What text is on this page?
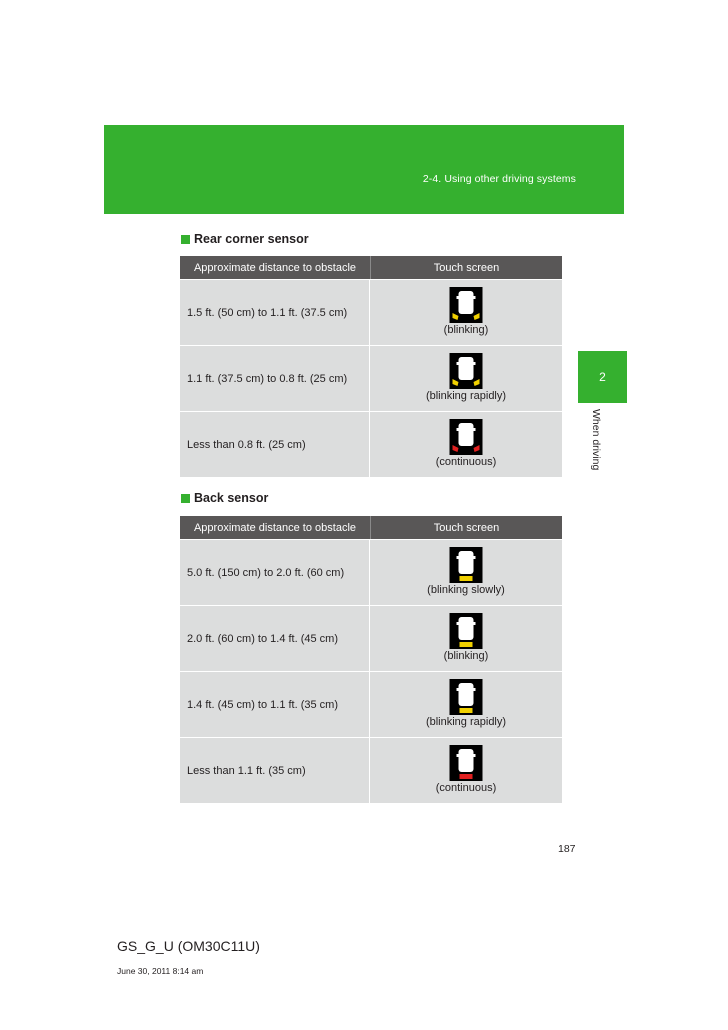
2-4. Using other driving systems
2
When driving
Rear corner sensor
Approximate distance to obstacle	Touch screen
1.5 ft. (50 cm) to 1.1 ft. (37.5 cm)
(blinking)
1.1 ft. (37.5 cm) to 0.8 ft. (25 cm)
(blinking rapidly)
Less than 0.8 ft. (25 cm)
(continuous)
Back sensor
Approximate distance to obstacle	Touch screen
5.0 ft. (150 cm) to 2.0 ft. (60 cm)
(blinking slowly)
2.0 ft. (60 cm) to 1.4 ft. (45 cm)
(blinking)
1.4 ft. (45 cm) to 1.1 ft. (35 cm)
(blinking rapidly)
Less than 1.1 ft. (35 cm)
(continuous)
187
GS_G_U (OM30C11U)
June 30, 2011 8:14 am
